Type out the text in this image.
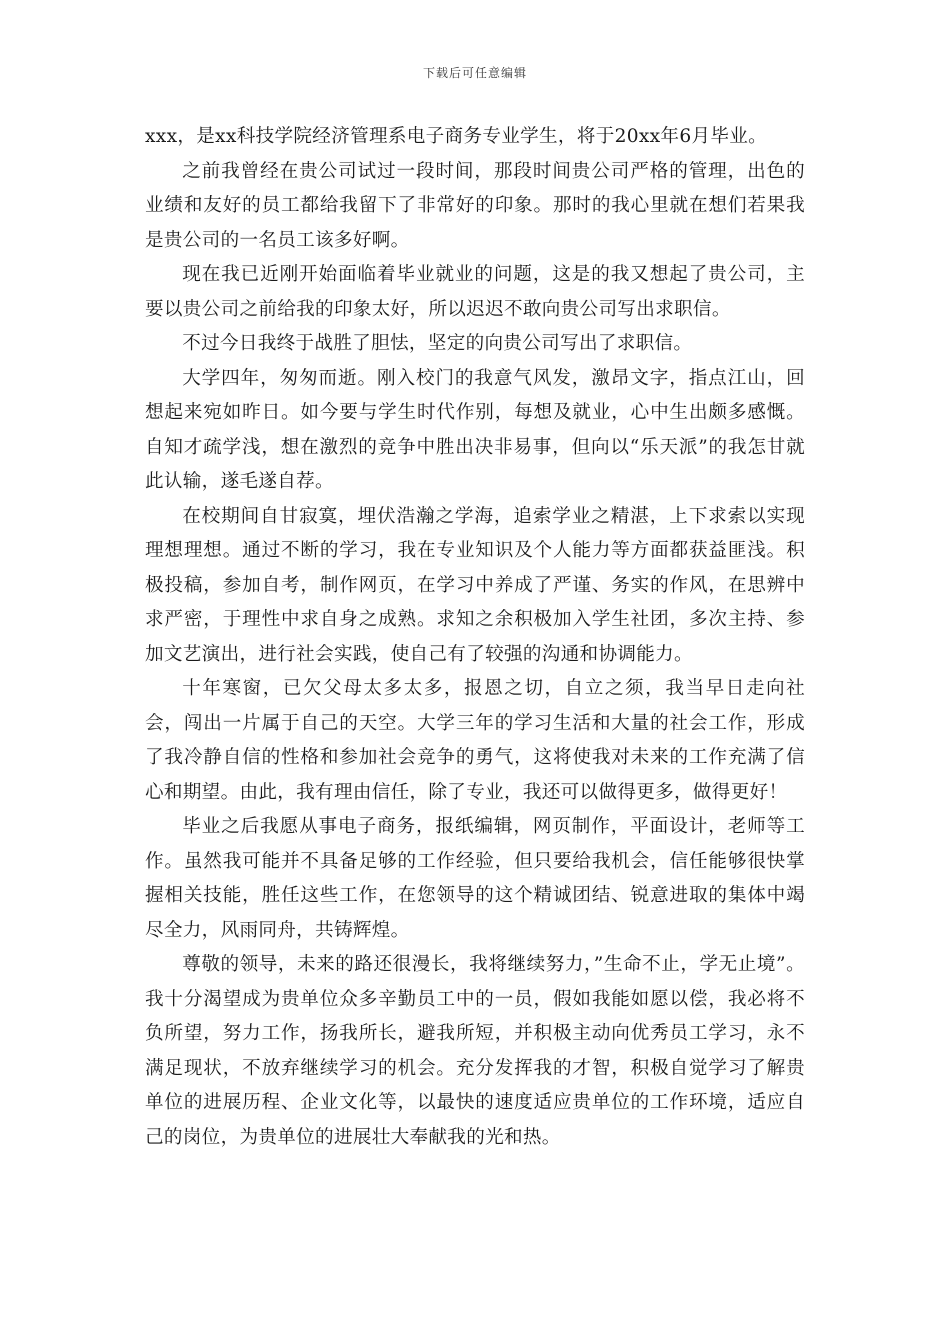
下载后可任意编辑

xxx，是xx科技学院经济管理系电子商务专业学生，将于20xx年6月毕业。

之前我曾经在贵公司试过一段时间，那段时间贵公司严格的管理，出色的业绩和友好的员工都给我留下了非常好的印象。那时的我心里就在想们若果我是贵公司的一名员工该多好啊。

现在我已近刚开始面临着毕业就业的问题，这是的我又想起了贵公司，主要以贵公司之前给我的印象太好，所以迟迟不敢向贵公司写出求职信。

不过今日我终于战胜了胆怯，坚定的向贵公司写出了求职信。

大学四年，匆匆而逝。刚入校门的我意气风发，激昂文字，指点江山，回想起来宛如昨日。如今要与学生时代作别，每想及就业，心中生出颇多感慨。自知才疏学浅，想在激烈的竞争中胜出决非易事，但向以“乐天派”的我怎甘就此认输，遂毛遂自荐。

在校期间自甘寂寞，埋伏浩瀚之学海，追索学业之精湛，上下求索以实现理想理想。通过不断的学习，我在专业知识及个人能力等方面都获益匪浅。积极投稿，参加自考，制作网页，在学习中养成了严谨、务实的作风，在思辨中求严密，于理性中求自身之成熟。求知之余积极加入学生社团，多次主持、参加文艺演出，进行社会实践，使自己有了较强的沟通和协调能力。

十年寒窗，已欠父母太多太多，报恩之切，自立之须，我当早日走向社会，闯出一片属于自己的天空。大学三年的学习生活和大量的社会工作，形成了我冷静自信的性格和参加社会竞争的勇气，这将使我对未来的工作充满了信心和期望。由此，我有理由信任，除了专业，我还可以做得更多，做得更好！

毕业之后我愿从事电子商务，报纸编辑，网页制作，平面设计，老师等工作。虽然我可能并不具备足够的工作经验，但只要给我机会，信任能够很快掌握相关技能，胜任这些工作，在您领导的这个精诚团结、锐意进取的集体中竭尽全力，风雨同舟，共铸辉煌。

尊敬的领导，未来的路还很漫长，我将继续努力，”生命不止，学无止境”。我十分渴望成为贵单位众多辛勤员工中的一员，假如我能如愿以偿，我必将不负所望，努力工作，扬我所长，避我所短，并积极主动向优秀员工学习，永不满足现状，不放弃继续学习的机会。充分发挥我的才智，积极自觉学习了解贵单位的进展历程、企业文化等，以最快的速度适应贵单位的工作环境，适应自己的岗位，为贵单位的进展壮大奉献我的光和热。
